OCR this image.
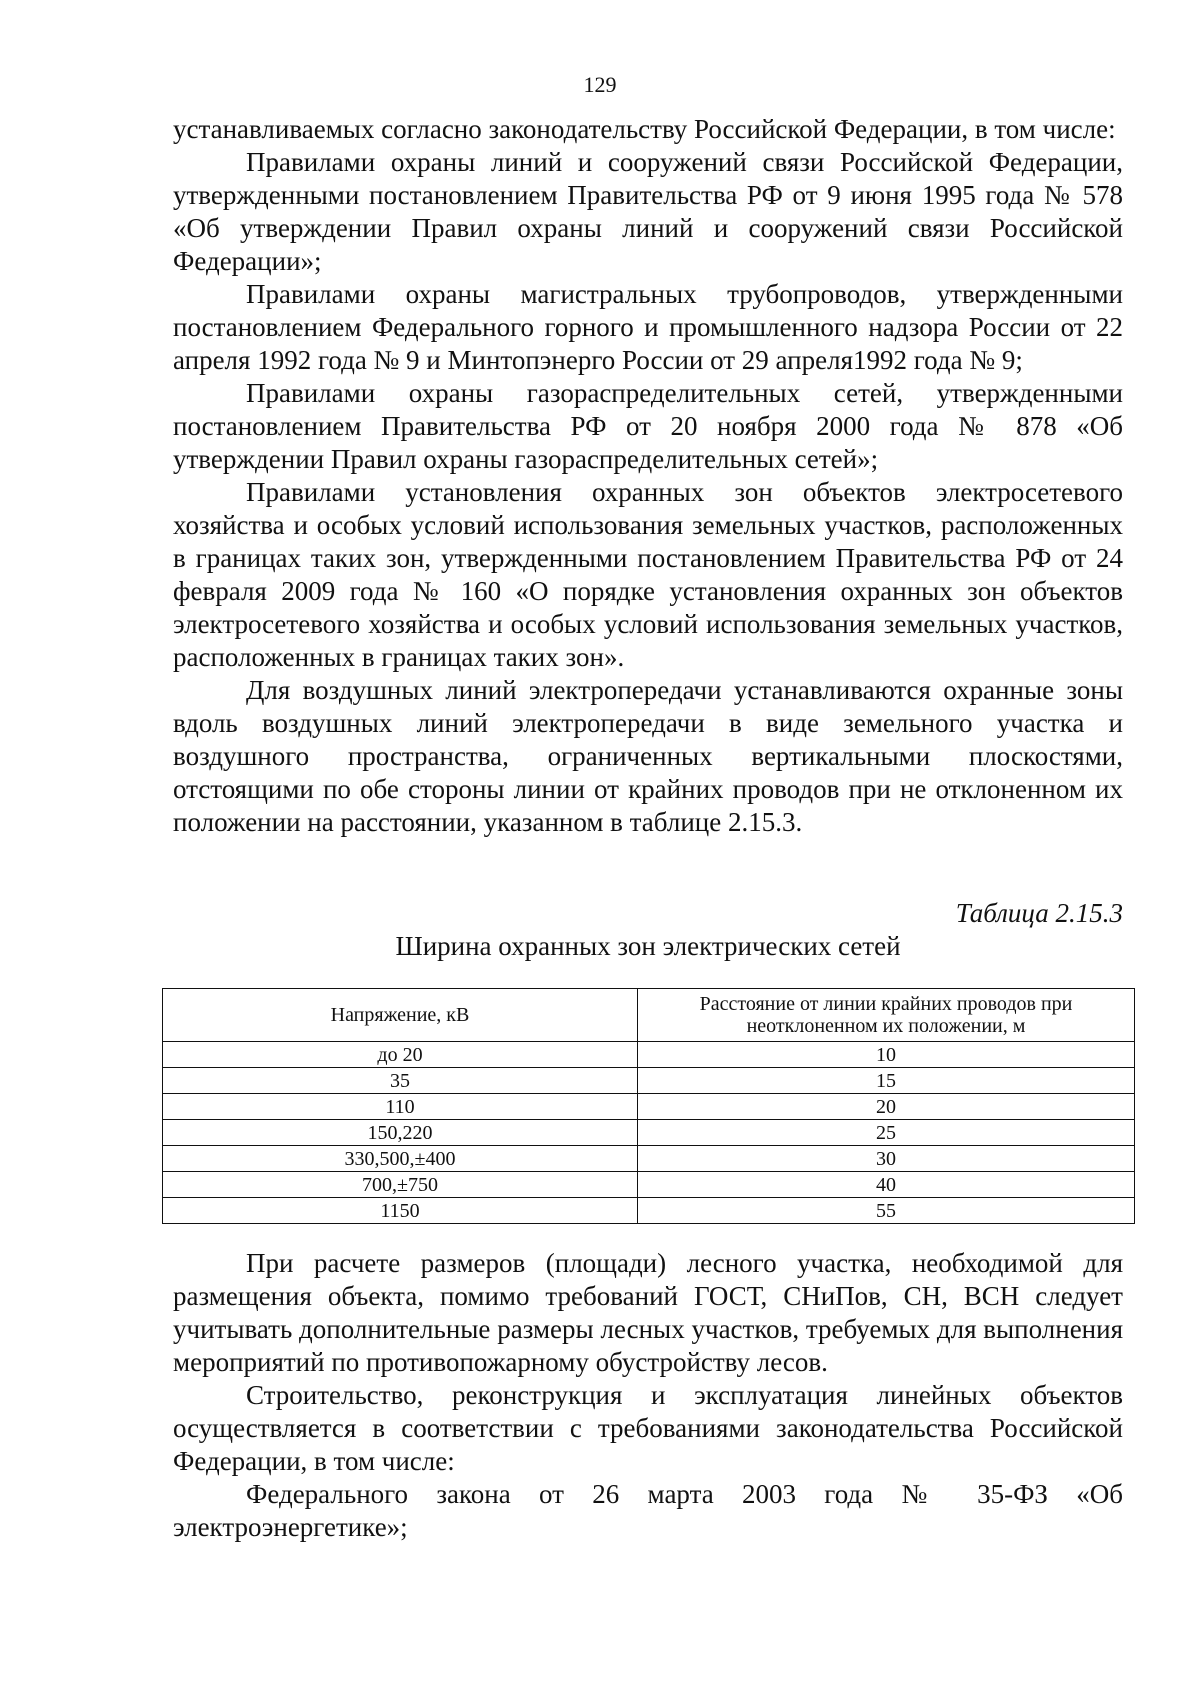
129

устанавливаемых согласно законодательству Российской Федерации, в том числе:

Правилами охраны линий и сооружений связи Российской Федерации, утвержденными постановлением Правительства РФ от 9 июня 1995 года № 578 «Об утверждении Правил охраны линий и сооружений связи Российской Федерации»;

Правилами охраны магистральных трубопроводов, утвержденными постановлением Федерального горного и промышленного надзора России от 22 апреля 1992 года № 9 и Минтопэнерго России от 29 апреля1992 года № 9;

Правилами охраны газораспределительных сетей, утвержденными постановлением Правительства РФ от 20 ноября 2000 года № 878 «Об утверждении Правил охраны газораспределительных сетей»;

Правилами установления охранных зон объектов электросетевого хозяйства и особых условий использования земельных участков, расположенных в границах таких зон, утвержденными постановлением Правительства РФ от 24 февраля 2009 года № 160 «О порядке установления охранных зон объектов электросетевого хозяйства и особых условий использования земельных участков, расположенных в границах таких зон».

Для воздушных линий электропередачи устанавливаются охранные зоны вдоль воздушных линий электропередачи в виде земельного участка и воздушного пространства, ограниченных вертикальными плоскостями, отстоящими по обе стороны линии от крайних проводов при не отклоненном их положении на расстоянии, указанном в таблице 2.15.3.

Таблица 2.15.3
Ширина охранных зон электрических сетей
Напряжение, кВ	Расстояние от линии крайних проводов при неотклоненном их положении, м
до 20	10
35	15
110	20
150,220	25
330,500,±400	30
700,±750	40
1150	55

При расчете размеров (площади) лесного участка, необходимой для размещения объекта, помимо требований ГОСТ, СНиПов, СН, ВСН следует учитывать дополнительные размеры лесных участков, требуемых для выполнения мероприятий по противопожарному обустройству лесов.

Строительство, реконструкция и эксплуатация линейных объектов осуществляется в соответствии с требованиями законодательства Российской Федерации, в том числе:

Федерального закона от 26 марта 2003 года № 35-ФЗ «Об электроэнергетике»;
